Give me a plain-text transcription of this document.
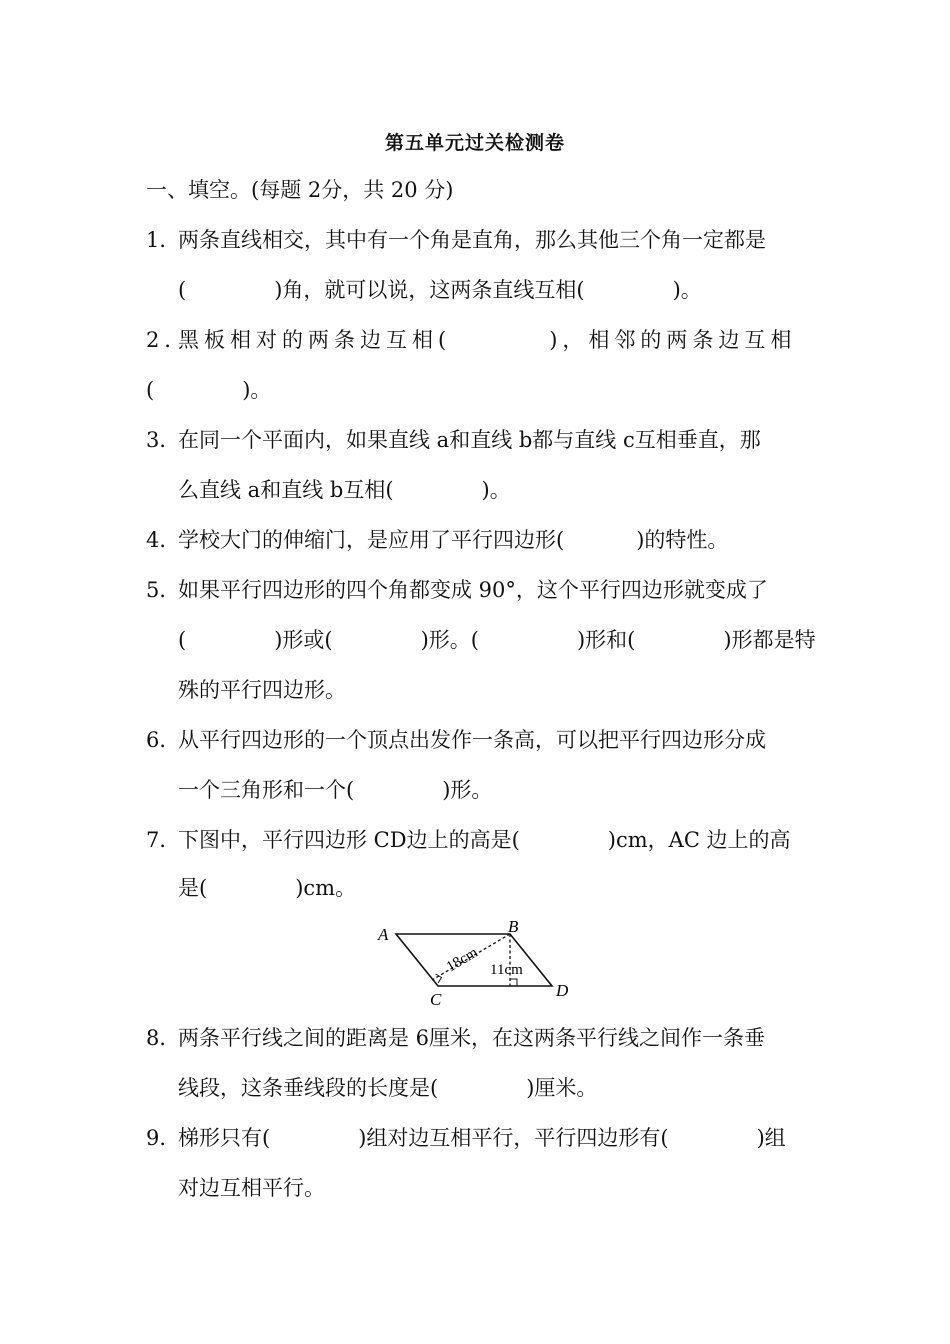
第五单元过关检测卷
一、填空。(每题 2分，共 20 分)
1．两条直线相交，其中有一个角是直角，那么其他三个角一定都是
(	)角，就可以说，这两条直线互相(	)。
2．黑板相对的两条边互相(	)，相邻的两条边互相
(	)。
3．在同一个平面内，如果直线 a和直线 b都与直线 c互相垂直，那
么直线 a和直线 b互相(	)。
4．学校大门的伸缩门，是应用了平行四边形(	)的特性。
5．如果平行四边形的四个角都变成 90°，这个平行四边形就变成了
(	)形或(	)形。(	)形和(	)形都是特
殊的平行四边形。
6．从平行四边形的一个顶点出发作一条高，可以把平行四边形分成
一个三角形和一个(	)形。
7．下图中，平行四边形 CD边上的高是(	)cm，AC 边上的高
是(	)cm。
A	B
C	D
18cm 11cm
8．两条平行线之间的距离是 6厘米，在这两条平行线之间作一条垂
线段，这条垂线段的长度是(	)厘米。
9．梯形只有(	)组对边互相平行，平行四边形有(	)组
对边互相平行。
